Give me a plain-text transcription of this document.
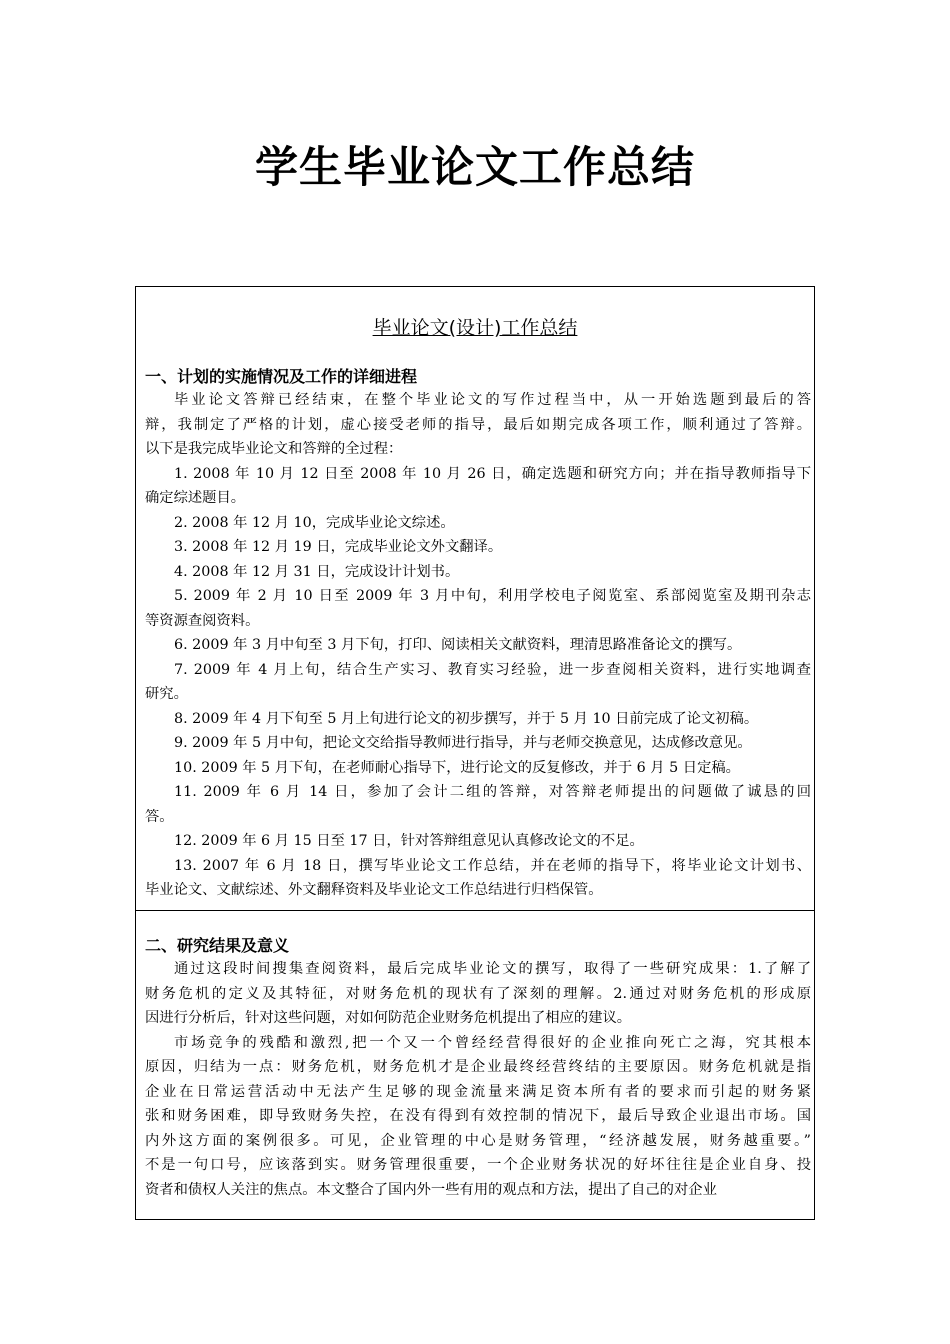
学生毕业论文工作总结
毕业论文(设计)工作总结
一、计划的实施情况及工作的详细进程
二、研究结果及意义
毕业论文答辩已经结束，在整个毕业论文的写作过程当中，从一开始选题到最后的答
辩，我制定了严格的计划，虚心接受老师的指导，最后如期完成各项工作，顺利通过了答辩。
以下是我完成毕业论文和答辩的全过程：
1. 2008 年 10 月 12 日至 2008 年 10 月 26 日，确定选题和研究方向；并在指导教师指导下
确定综述题目。
2. 2008 年 12 月 10，完成毕业论文综述。
3. 2008 年 12 月 19 日，完成毕业论文外文翻译。
4. 2008 年 12 月 31 日，完成设计计划书。
5. 2009 年 2 月 10 日至 2009 年 3 月中旬，利用学校电子阅览室、系部阅览室及期刊杂志
等资源查阅资料。
6. 2009 年 3 月中旬至 3 月下旬，打印、阅读相关文献资料，理清思路准备论文的撰写。
7. 2009 年 4 月上旬，结合生产实习、教育实习经验，进一步查阅相关资料，进行实地调查
研究。
8. 2009 年 4 月下旬至 5 月上旬进行论文的初步撰写，并于 5 月 10 日前完成了论文初稿。
9. 2009 年 5 月中旬，把论文交给指导教师进行指导，并与老师交换意见，达成修改意见。
10. 2009 年 5 月下旬，在老师耐心指导下，进行论文的反复修改，并于 6 月 5 日定稿。
11. 2009 年 6 月 14 日，参加了会计二组的答辩，对答辩老师提出的问题做了诚恳的回
答。
12. 2009 年 6 月 15 日至 17 日，针对答辩组意见认真修改论文的不足。
13. 2007 年 6 月 18 日，撰写毕业论文工作总结，并在老师的指导下，将毕业论文计划书、
毕业论文、文献综述、外文翻释资料及毕业论文工作总结进行归档保管。
通过这段时间搜集查阅资料，最后完成毕业论文的撰写，取得了一些研究成果：1.了解了
财务危机的定义及其特征，对财务危机的现状有了深刻的理解。2.通过对财务危机的形成原
因进行分析后，针对这些问题，对如何防范企业财务危机提出了相应的建议。
市场竞争的残酷和激烈,把一个又一个曾经经营得很好的企业推向死亡之海，究其根本
原因，归结为一点：财务危机，财务危机才是企业最终经营终结的主要原因。财务危机就是指
企业在日常运营活动中无法产生足够的现金流量来满足资本所有者的要求而引起的财务紧
张和财务困难，即导致财务失控，在没有得到有效控制的情况下，最后导致企业退出市场。国
内外这方面的案例很多。可见，企业管理的中心是财务管理，“经济越发展，财务越重要。”
不是一句口号，应该落到实。财务管理很重要，一个企业财务状况的好坏往往是企业自身、投
资者和债权人关注的焦点。本文整合了国内外一些有用的观点和方法，提出了自己的对企业
